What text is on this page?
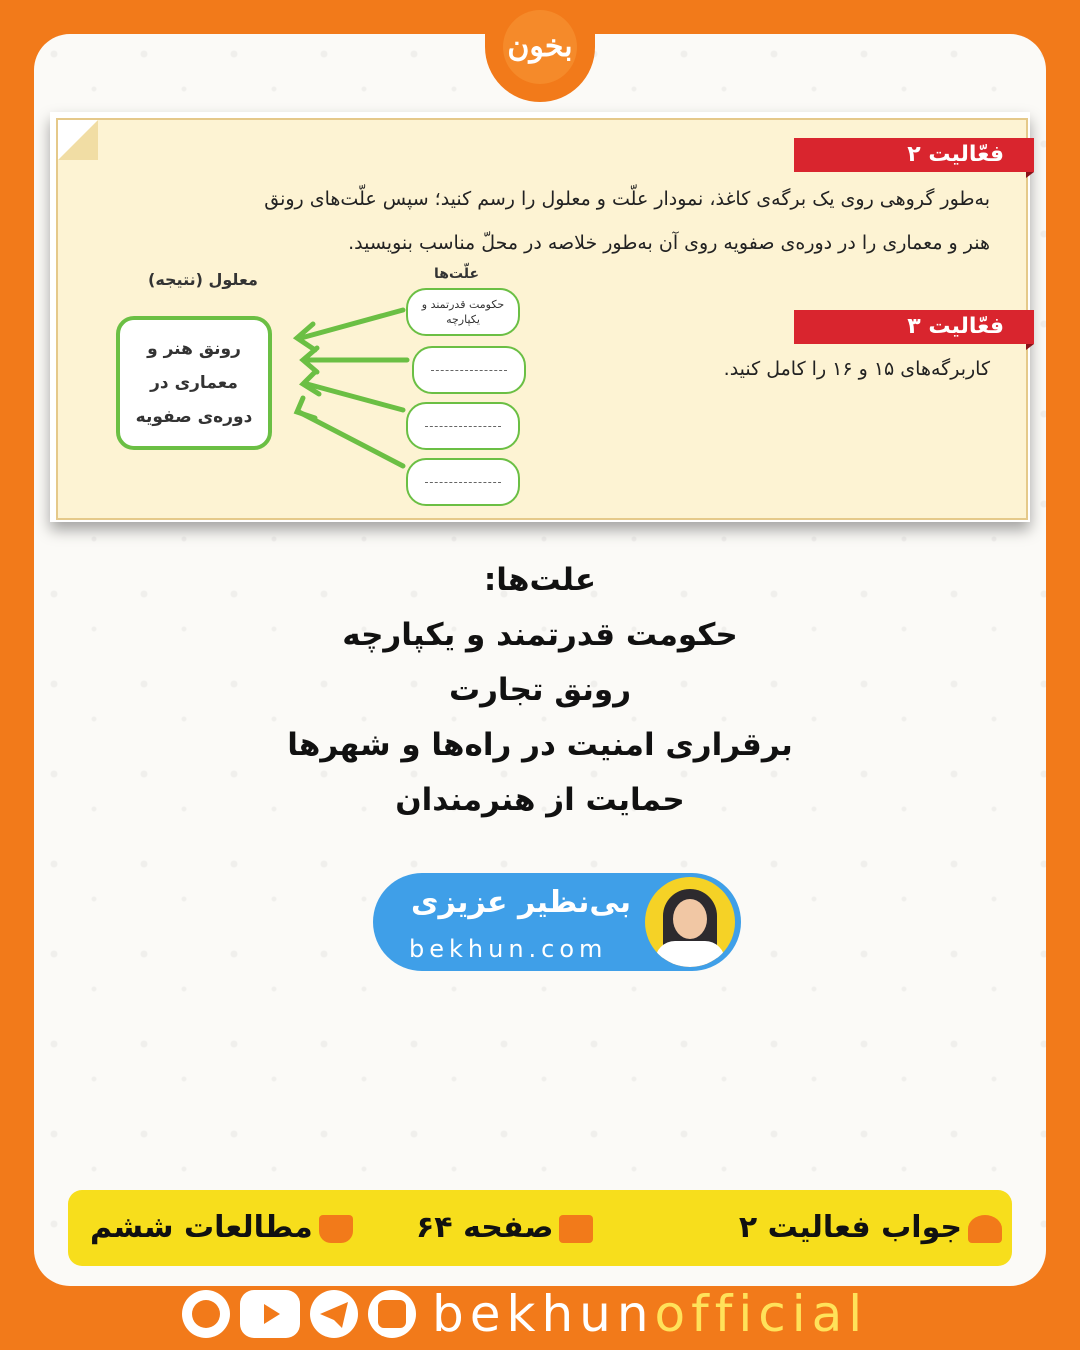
بخون
فعّالیت ۲
به‌طور گروهی روی یک برگه‌ی کاغذ، نمودار علّت و معلول را رسم کنید؛ سپس علّت‌های رونق
هنر و معماری را در دوره‌ی صفویه روی آن به‌طور خلاصه در محلّ مناسب بنویسید.
معلول (نتیجه)	علّت‌ها
رونق هنر و معماری در دوره‌ی صفویه
حکومت قدرتمند و یکپارچه	فعّالیت ۳
کاربرگه‌های ۱۵ و ۱۶ را کامل کنید.
علت‌ها:
حکومت قدرتمند و یکپارچه
رونق تجارت
برقراری امنیت در راه‌ها و شهرها
حمایت از هنرمندان
بی‌نظیر عزیزی
bekhun.com
جواب فعالیت ۲
صفحه ۶۴
مطالعات ششم
bekhunofficial
